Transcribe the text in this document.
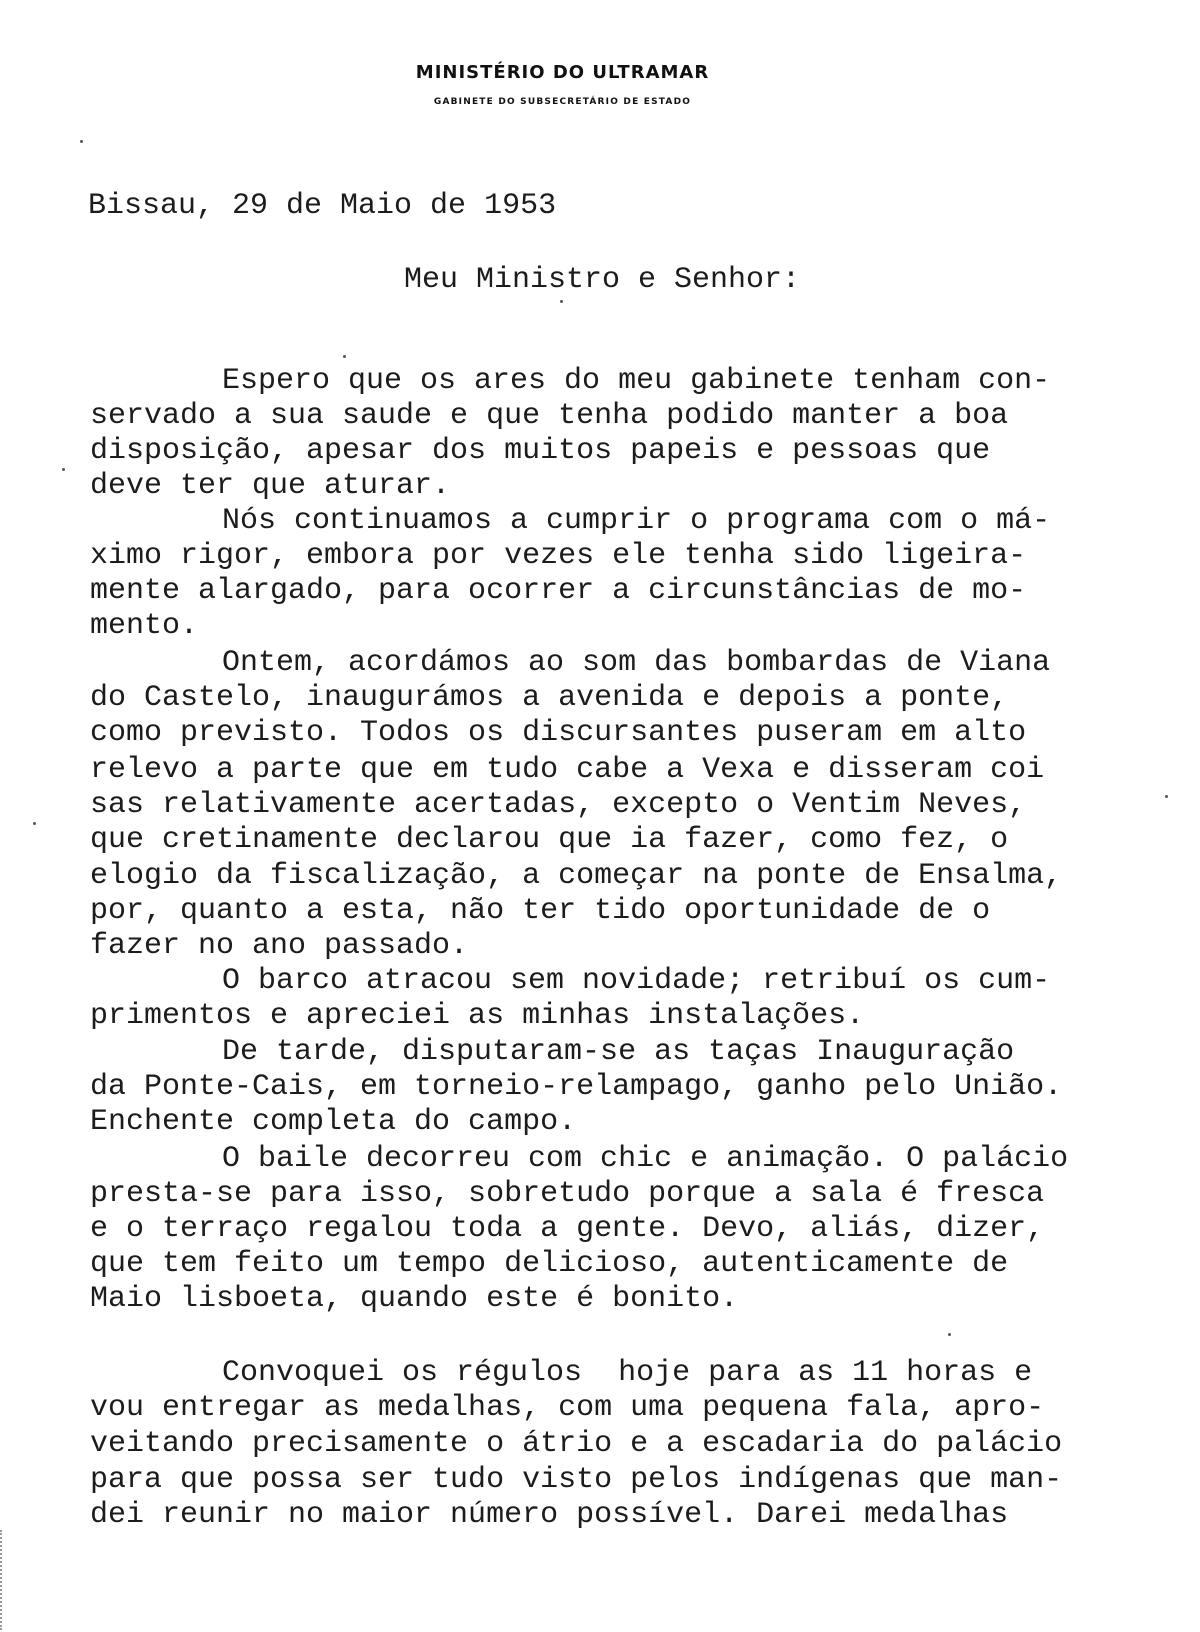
MINISTÉRIO DO ULTRAMAR
GABINETE DO SUBSECRETÁRIO DE ESTADO

Bissau, 29 de Maio de 1953

Meu Ministro e Senhor:

Espero que os ares do meu gabinete tenham con-

servado a sua saude e que tenha podido manter a boa

disposição, apesar dos muitos papeis e pessoas que

deve ter que aturar.

Nós continuamos a cumprir o programa com o má-

ximo rigor, embora por vezes ele tenha sido ligeira-

mente alargado, para ocorrer a circunstâncias de mo-

mento.

Ontem, acordámos ao som das bombardas de Viana

do Castelo, inaugurámos a avenida e depois a ponte,

como previsto. Todos os discursantes puseram em alto

relevo a parte que em tudo cabe a Vexa e disseram coi

sas relativamente acertadas, excepto o Ventim Neves,

que cretinamente declarou que ia fazer, como fez, o

elogio da fiscalização, a começar na ponte de Ensalma,

por, quanto a esta, não ter tido oportunidade de o

fazer no ano passado.

O barco atracou sem novidade; retribuí os cum-

primentos e apreciei as minhas instalações.

De tarde, disputaram-se as taças Inauguração

da Ponte-Cais, em torneio-relampago, ganho pelo União.

Enchente completa do campo.

O baile decorreu com chic e animação. O palácio

presta-se para isso, sobretudo porque a sala é fresca

e o terraço regalou toda a gente. Devo, aliás, dizer,

que tem feito um tempo delicioso, autenticamente de

Maio lisboeta, quando este é bonito.

Convoquei os régulos  hoje para as 11 horas e

vou entregar as medalhas, com uma pequena fala, apro-

veitando precisamente o átrio e a escadaria do palácio

para que possa ser tudo visto pelos indígenas que man-

dei reunir no maior número possível. Darei medalhas
